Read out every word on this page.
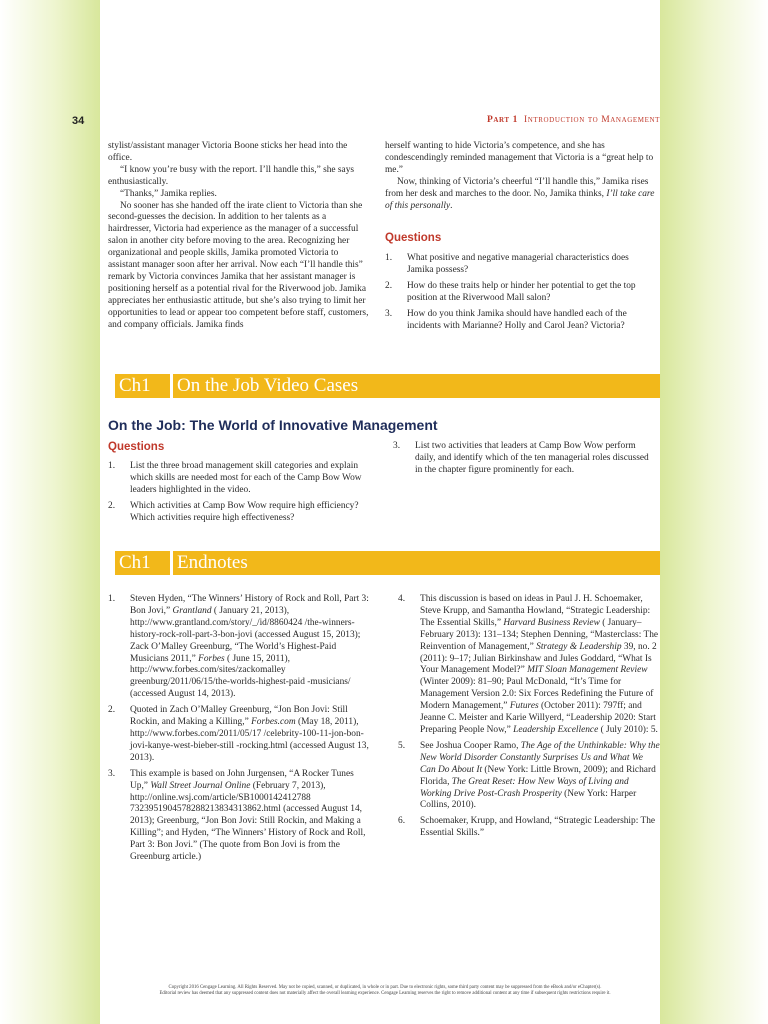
34	Part 1 Introduction to Management

stylist/assistant manager Victoria Boone sticks her head into the office.

“I know you’re busy with the report. I’ll handle this,” she says enthusiastically.

“Thanks,” Jamika replies.

No sooner has she handed off the irate client to Victoria than she second-guesses the decision. In addition to her talents as a hairdresser, Victoria had experience as the manager of a successful salon in another city before moving to the area. Recognizing her organizational and people skills, Jamika promoted Victoria to assistant manager soon after her arrival. Now each “I’ll handle this” remark by Victoria convinces Jamika that her assistant manager is positioning herself as a potential rival for the Riverwood job. Jamika appreciates her enthusiastic attitude, but she’s also trying to limit her opportunities to lead or appear too competent before staff, customers, and company officials. Jamika finds

herself wanting to hide Victoria’s competence, and she has condescendingly reminded management that Victoria is a “great help to me.”

Now, thinking of Victoria’s cheerful “I’ll handle this,” Jamika rises from her desk and marches to the door. No, Jamika thinks, I’ll take care of this personally.

Questions

1. What positive and negative managerial characteristics does Jamika possess?
2. How do these traits help or hinder her potential to get the top position at the Riverwood Mall salon?
3. How do you think Jamika should have handled each of the incidents with Marianne? Holly and Carol Jean? Victoria?
Ch1 On the Job Video Cases
On the Job: The World of Innovative Management

Questions

1. List the three broad management skill categories and explain which skills are needed most for each of the Camp Bow Wow leaders highlighted in the video.
2. Which activities at Camp Bow Wow require high efficiency? Which activities require high effectiveness?
3. List two activities that leaders at Camp Bow Wow perform daily, and identify which of the ten managerial roles discussed in the chapter figure prominently for each.
Ch1 Endnotes
1. Steven Hyden, “The Winners’ History of Rock and Roll, Part 3: Bon Jovi,” Grantland ( January 21, 2013), http://www.grantland.com/story/_/id/8860424 /the-winners-history-rock-roll-part-3-bon-jovi (accessed August 15, 2013); Zack O’Malley Greenburg, “The World’s Highest-Paid Musicians 2011,” Forbes ( June 15, 2011), http://www.forbes.com/sites/zackomalley greenburg/2011/06/15/the-worlds-highest-paid -musicians/ (accessed August 14, 2013).
2. Quoted in Zach O’Malley Greenburg, “Jon Bon Jovi: Still Rockin, and Making a Killing,” Forbes.com (May 18, 2011), http://www.forbes.com/2011/05/17 /celebrity-100-11-jon-bon-jovi-kanye-west-bieber-still -rocking.html (accessed August 13, 2013).
3. This example is based on John Jurgensen, “A Rocker Tunes Up,” Wall Street Journal Online (February 7, 2013), http://online.wsj.com/article/SB1000142412788 7323951904578288213834313862.html (accessed August 14, 2013); Greenburg, “Jon Bon Jovi: Still Rockin, and Making a Killing”; and Hyden, “The Winners’ History of Rock and Roll, Part 3: Bon Jovi.” (The quote from Bon Jovi is from the Greenburg article.)
4. This discussion is based on ideas in Paul J. H. Schoemaker, Steve Krupp, and Samantha Howland, “Strategic Leadership: The Essential Skills,” Harvard Business Review ( January–February 2013): 131–134; Stephen Denning, “Masterclass: The Reinvention of Management,” Strategy & Leadership 39, no. 2 (2011): 9–17; Julian Birkinshaw and Jules Goddard, “What Is Your Management Model?” MIT Sloan Management Review (Winter 2009): 81–90; Paul McDonald, “It’s Time for Management Version 2.0: Six Forces Redefining the Future of Modern Management,” Futures (October 2011): 797ff; and Jeanne C. Meister and Karie Willyerd, “Leadership 2020: Start Preparing People Now,” Leadership Excellence ( July 2010): 5.
5. See Joshua Cooper Ramo, The Age of the Unthinkable: Why the New World Disorder Constantly Surprises Us and What We Can Do About It (New York: Little Brown, 2009); and Richard Florida, The Great Reset: How New Ways of Living and Working Drive Post-Crash Prosperity (New York: Harper Collins, 2010).
6. Schoemaker, Krupp, and Howland, “Strategic Leadership: The Essential Skills.”
Copyright 2016 Cengage Learning. All Rights Reserved. May not be copied, scanned, or duplicated, in whole or in part. Due to electronic rights, some third party content may be suppressed from the eBook and/or eChapter(s).
Editorial review has deemed that any suppressed content does not materially affect the overall learning experience. Cengage Learning reserves the right to remove additional content at any time if subsequent rights restrictions require it.
